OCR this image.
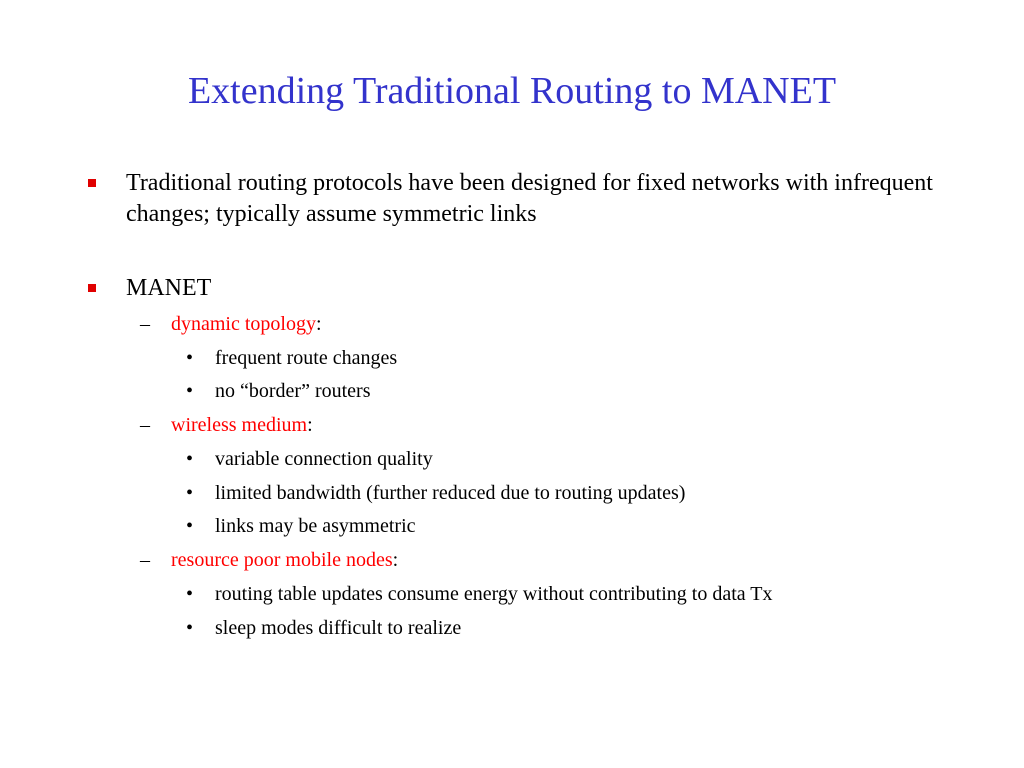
Extending Traditional Routing to MANET
Traditional routing protocols have been designed for fixed networks with infrequent changes; typically assume symmetric links
MANET
– dynamic topology:
• frequent route changes
• no “border” routers
– wireless medium:
• variable connection quality
• limited bandwidth (further reduced due to routing updates)
• links may be asymmetric
– resource poor mobile nodes:
• routing table updates consume energy without contributing to data Tx
• sleep modes difficult to realize
